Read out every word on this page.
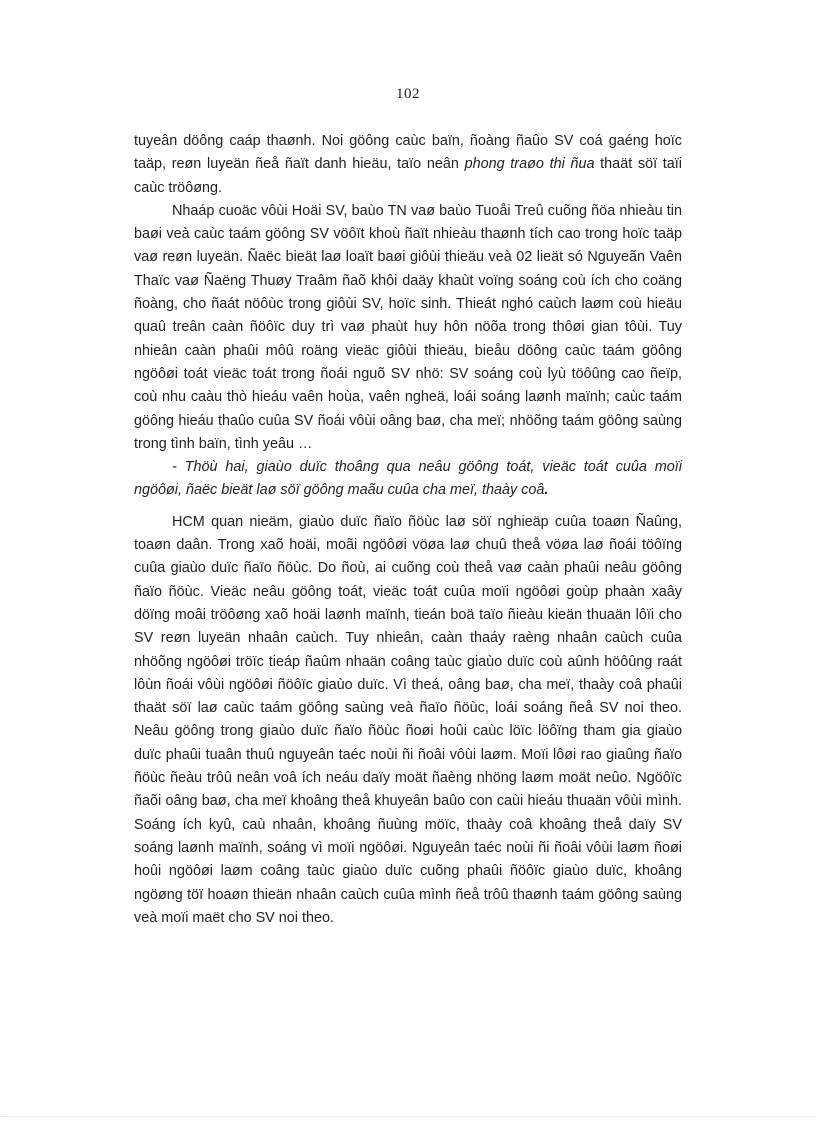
102

tuyeân döông caáp thaønh. Noi göông caùc baïn, ñoàng ñaûo SV coá gaéng hoïc taäp, reøn luyeän ñeå ñaït danh hieäu, taïo neân phong traøo thi ñua thaät söï taïi caùc tröôøng.

Nhaáp cuoäc vôùi Hoäi SV, baùo TN vaø baùo Tuoåi Treû cuõng ñöa nhieàu tin baøi veà caùc taám göông SV vöôït khoù ñaït nhieàu thaønh tích cao trong hoïc taäp vaø reøn luyeän. Ñaëc bieät laø loaït baøi giôùi thieäu veà 02 lieät só Nguyeãn Vaên Thaïc vaø Ñaëng Thuøy Traâm ñaõ khôi daäy khaùt voïng soáng coù ích cho coäng ñoàng, cho ñaát nöôùc trong giôùi SV, hoïc sinh. Thieát nghó caùch laøm coù hieäu quaû treân caàn ñöôïc duy trì vaø phaùt huy hôn nöõa trong thôøi gian tôùi. Tuy nhieân caàn phaûi môû roäng vieäc giôùi thieäu, bieåu döông caùc taám göông ngöôøi toát vieäc toát trong ñoái nguõ SV nhö: SV soáng coù lyù töôûng cao ñeïp, coù nhu caàu thò hieáu vaên hoùa, vaên ngheä, loái soáng laønh maïnh; caùc taám göông hieáu thaûo cuûa SV ñoái vôùi oâng baø, cha meï; nhöõng taám göông saùng trong tình baïn, tình yeâu …

- Thöù hai, giaùo duïc thoâng qua neâu göông toát, vieäc toát cuûa moïi ngöôøi, ñaëc bieät laø söï göông maãu cuûa cha meï, thaày coâ.

HCM quan nieäm, giaùo duïc ñaïo ñöùc laø söï nghieäp cuûa toaøn Ñaûng, toaøn daân. Trong xaõ hoäi, moãi ngöôøi vöøa laø chuû theå vöøa laø ñoái töôïng cuûa giaùo duïc ñaïo ñöùc. Do ñoù, ai cuõng coù theå vaø caàn phaûi neâu göông ñaïo ñöùc. Vieäc neâu göông toát, vieäc toát cuûa moïi ngöôøi goùp phaàn xaây döïng moâi tröôøng xaõ hoäi laønh maïnh, tieán boä taïo ñieàu kieän thuaän lôïi cho SV reøn luyeän nhaân caùch. Tuy nhieân, caàn thaáy raèng nhaân caùch cuûa nhöõng ngöôøi tröïc tieáp ñaûm nhaän coâng taùc giaùo duïc coù aûnh höôûng raát lôùn ñoái vôùi ngöôøi ñöôïc giaùo duïc. Vì theá, oâng baø, cha meï, thaày coâ phaûi thaät söï laø caùc taám göông saùng veà ñaïo ñöùc, loái soáng ñeå SV noi theo. Neâu göông trong giaùo duïc ñaïo ñöùc ñoøi hoûi caùc löïc löôïng tham gia giaùo duïc phaûi tuaân thuû nguyeân taéc noùi ñi ñoâi vôùi laøm. Moïi lôøi rao giaûng ñaïo ñöùc ñeàu trôû neân voâ ích neáu daïy moät ñaèng nhöng laøm moät neûo. Ngöôïc ñaõi oâng baø, cha meï khoâng theå khuyeân baûo con caùi hieáu thuaän vôùi mình. Soáng ích kyû, caù nhaân, khoâng ñuùng möïc, thaày coâ khoâng theå daïy SV soáng laønh maïnh, soáng vì moïi ngöôøi. Nguyeân taéc noùi ñi ñoâi vôùi laøm ñoøi hoûi ngöôøi laøm coâng taùc giaùo duïc cuõng phaûi ñöôïc giaùo duïc, khoâng ngöøng töï hoaøn thieän nhaân caùch cuûa mình ñeå trôû thaønh taám göông saùng veà moïi maët cho SV noi theo.
